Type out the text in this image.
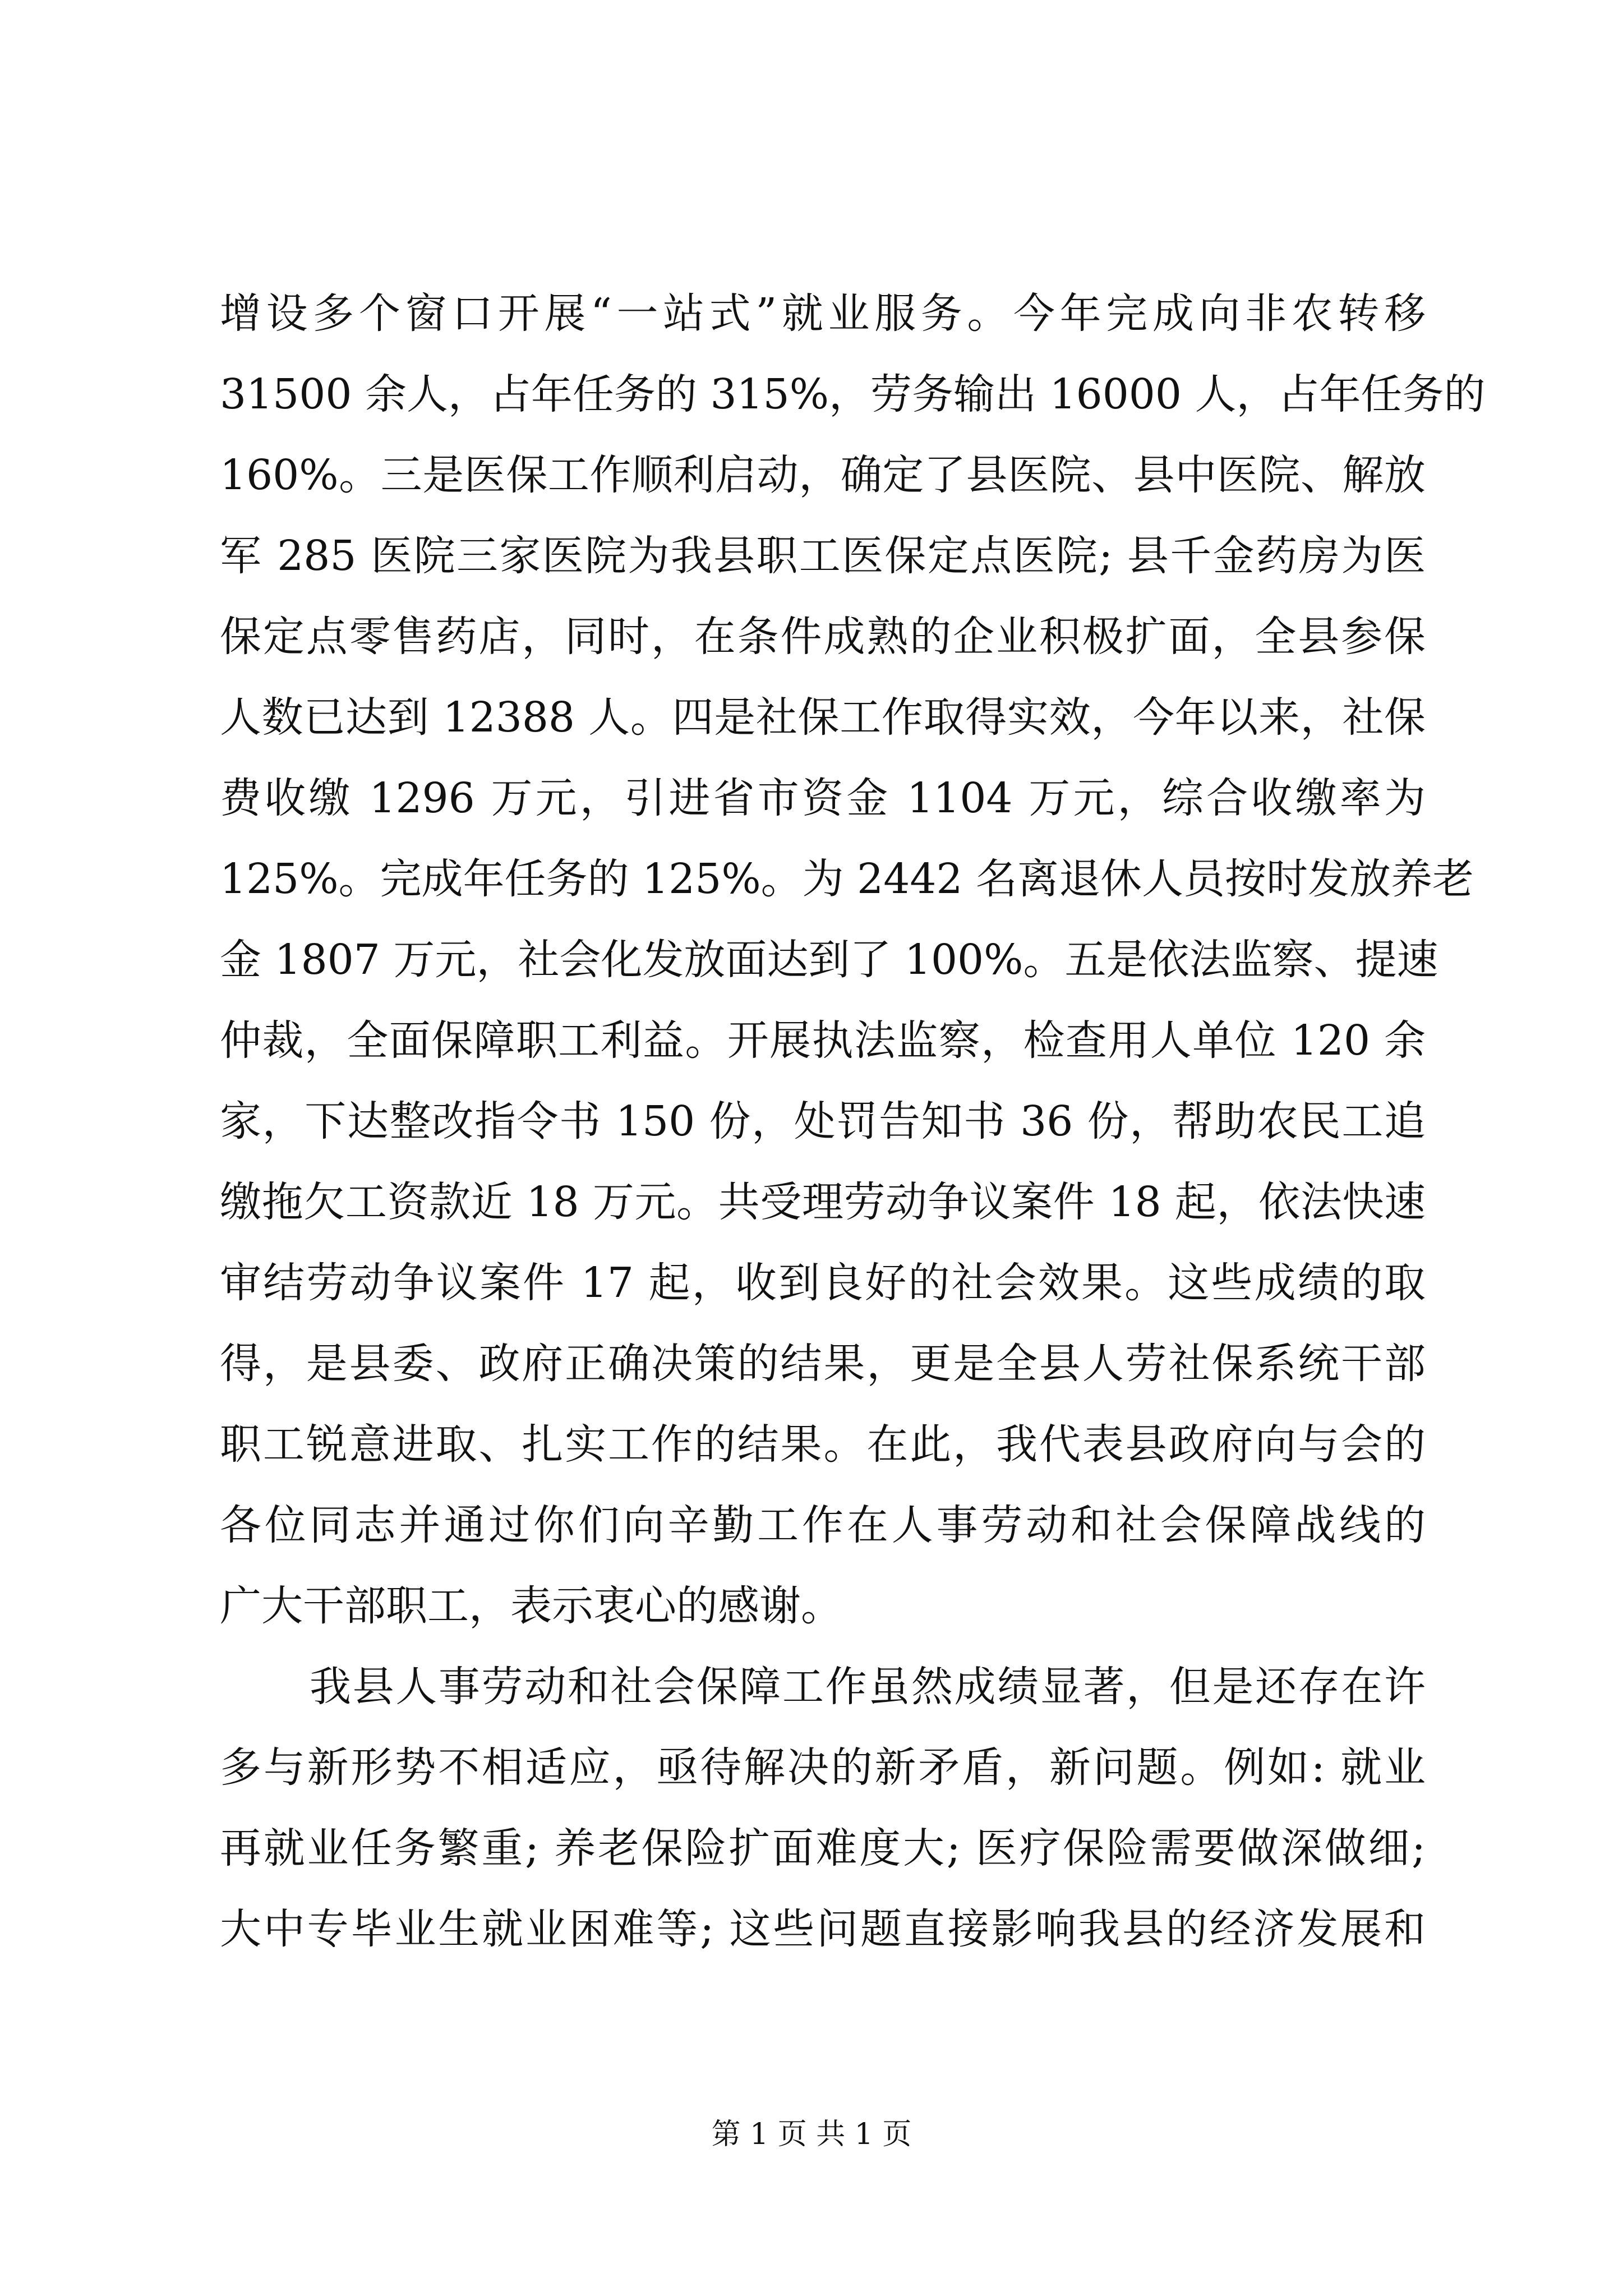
增设多个窗口开展“一站式”就业服务。今年完成向非农转移
31500 余人，占年任务的 315%，劳务输出 16000 人，占年任务的
160%。三是医保工作顺利启动，确定了县医院、县中医院、解放
军 285 医院三家医院为我县职工医保定点医院; 县千金药房为医
保定点零售药店，同时，在条件成熟的企业积极扩面，全县参保
人数已达到 12388 人。四是社保工作取得实效，今年以来，社保
费收缴 1296 万元，引进省市资金 1104 万元，综合收缴率为
125%。完成年任务的 125%。为 2442 名离退休人员按时发放养老
金 1807 万元，社会化发放面达到了 100%。五是依法监察、提速
仲裁，全面保障职工利益。开展执法监察，检查用人单位 120 余
家，下达整改指令书 150 份，处罚告知书 36 份，帮助农民工追
缴拖欠工资款近 18 万元。共受理劳动争议案件 18 起，依法快速
审结劳动争议案件 17 起，收到良好的社会效果。这些成绩的取
得，是县委、政府正确决策的结果，更是全县人劳社保系统干部
职工锐意进取、扎实工作的结果。在此，我代表县政府向与会的
各位同志并通过你们向辛勤工作在人事劳动和社会保障战线的
广大干部职工，表示衷心的感谢。
我县人事劳动和社会保障工作虽然成绩显著，但是还存在许
多与新形势不相适应，亟待解决的新矛盾，新问题。例如: 就业
再就业任务繁重; 养老保险扩面难度大; 医疗保险需要做深做细;
大中专毕业生就业困难等; 这些问题直接影响我县的经济发展和
第 1 页 共 1 页
